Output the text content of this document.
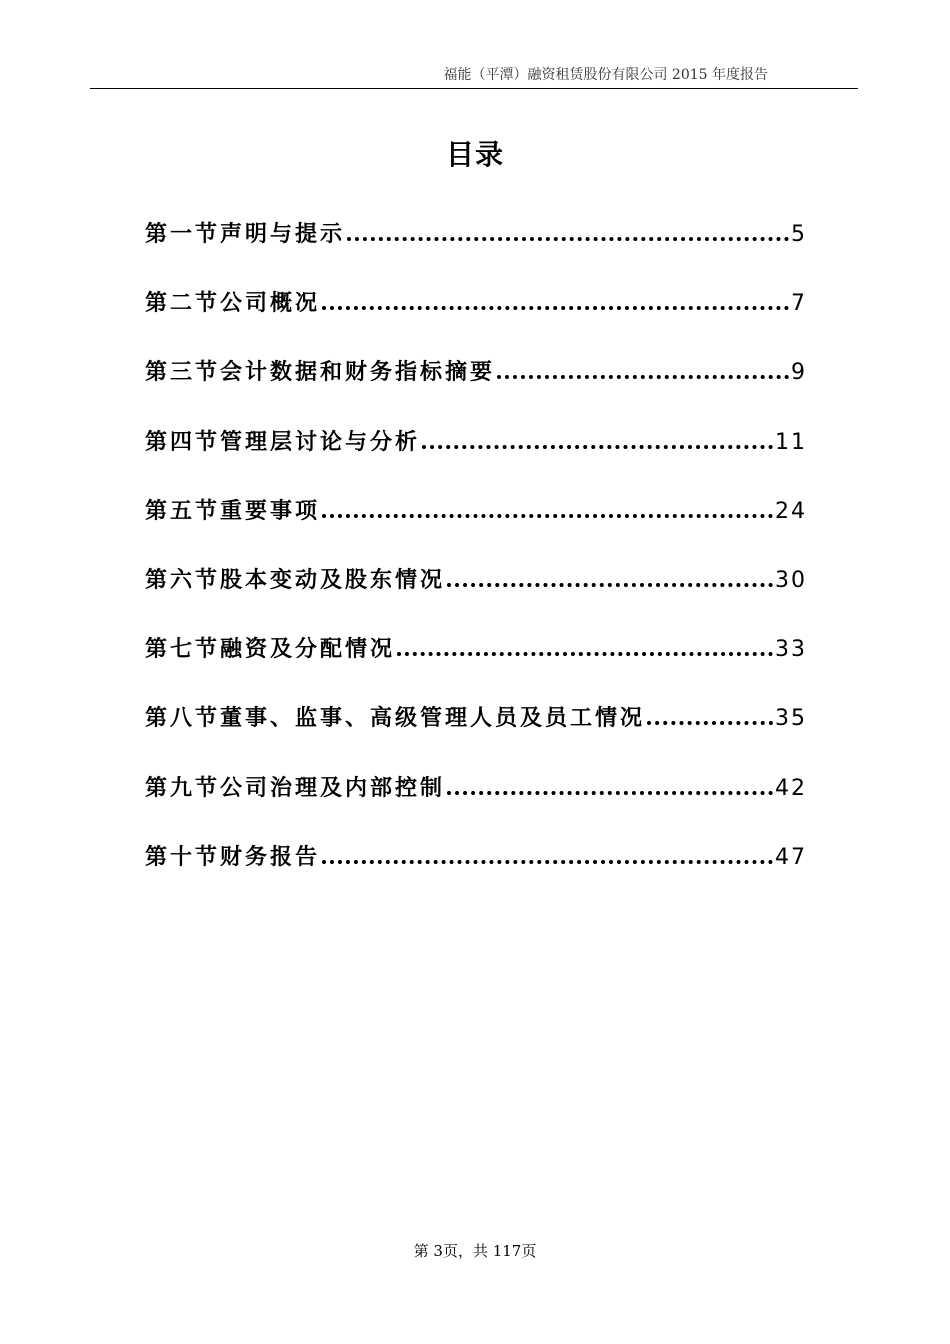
福能（平潭）融资租赁股份有限公司 2015 年度报告
目录
第一节声明与提示	5
第二节公司概况	7
第三节会计数据和财务指标摘要	9
第四节管理层讨论与分析	11
第五节重要事项	24
第六节股本变动及股东情况	30
第七节融资及分配情况	33
第八节董事、监事、高级管理人员及员工情况	35
第九节公司治理及内部控制	42
第十节财务报告	47
第 3页，共 117页
